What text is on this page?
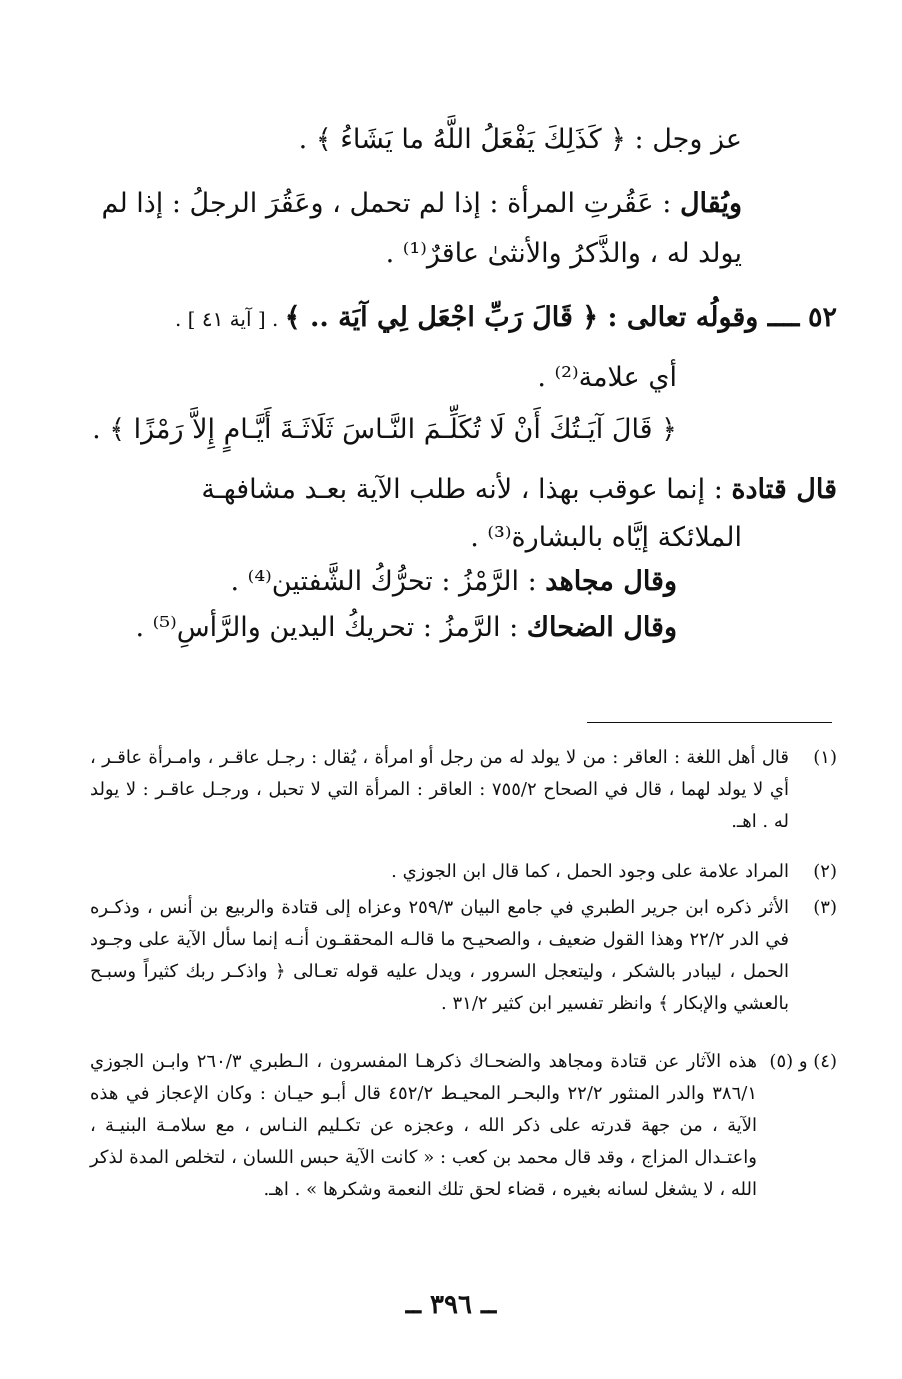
عز وجل : ﴿ كَذَلِكَ يَفْعَلُ اللَّهُ ما يَشَاءُ ﴾ .
ويُقال : عَقُرتِ المرأة : إذا لم تحمل ، وعَقُرَ الرجلُ : إذا لم
يولد له ، والذَّكرُ والأنثىٰ عاقرٌ⁽¹⁾ .
٥٢ ــــ وقولُه تعالى : ﴿ قَالَ رَبِّ اجْعَل لِي آيَة .. ﴾ . [ آية ٤١ ] .
أي علامة⁽²⁾ .
﴿ قَالَ آيَـتُكَ أَنْ لَا تُكَلِّـمَ النَّـاسَ ثَلَاثَـةَ أَيَّـامٍ إِلاَّ رَمْزًا ﴾ .
قال قتادة : إنما عوقب بهذا ، لأنه طلب الآية بعـد مشافهـة
الملائكة إيَّاه بالبشارة⁽³⁾ .
وقال مجاهد : الرَّمْزُ : تحرُّكُ الشَّفتين⁽⁴⁾ .
وقال الضحاك : الرَّمزُ : تحريكُ اليدين والرَّأسِ⁽⁵⁾ .
(١)
قال أهل اللغة : العاقر : من لا يولد له من رجل أو امرأة ، يُقال : رجـل عاقـر ، وامـرأة عاقـر ، أي لا يولد لهما ، قال في الصحاح ٧٥٥/٢ : العاقر : المرأة التي لا تحبل ، ورجـل عاقـر : لا يولد له . اهـ.
(٢)
المراد علامة على وجود الحمل ، كما قال ابن الجوزي .
(٣)
الأثر ذكره ابن جرير الطبري في جامع البيان ٢٥٩/٣ وعزاه إلى قتادة والربيع بن أنس ، وذكـره في الدر ٢٢/٢ وهذا القول ضعيف ، والصحيـح ما قالـه المحققـون أنـه إنما سأل الآية على وجـود الحمل ، ليبادر بالشكر ، وليتعجل السرور ، ويدل عليه قوله تعـالى ﴿ واذكـر ربك كثيراً وسبـح بالعشي والإبكار ﴾ وانظر تفسير ابن كثير ٣١/٢ .
(٤) و (٥)
هذه الآثار عن قتادة ومجاهد والضحـاك ذكرهـا المفسرون ، الـطبري ٢٦٠/٣ وابـن الجوزي ٣٨٦/١ والدر المنثور ٢٢/٢ والبحـر المحيـط ٤٥٢/٢ قال أبـو حيـان : وكان الإعجاز في هذه الآية ، من جهة قدرته على ذكر الله ، وعجزه عن تكـليم النـاس ، مع سلامـة البنيـة ، واعتـدال المزاج ، وقد قال محمد بن كعب : « كانت الآية حبس اللسان ، لتخلص المدة لذكر الله ، لا يشغل لسانه بغيره ، قضاء لحق تلك النعمة وشكرها » . اهـ.
ــ ٣٩٦ ــ
